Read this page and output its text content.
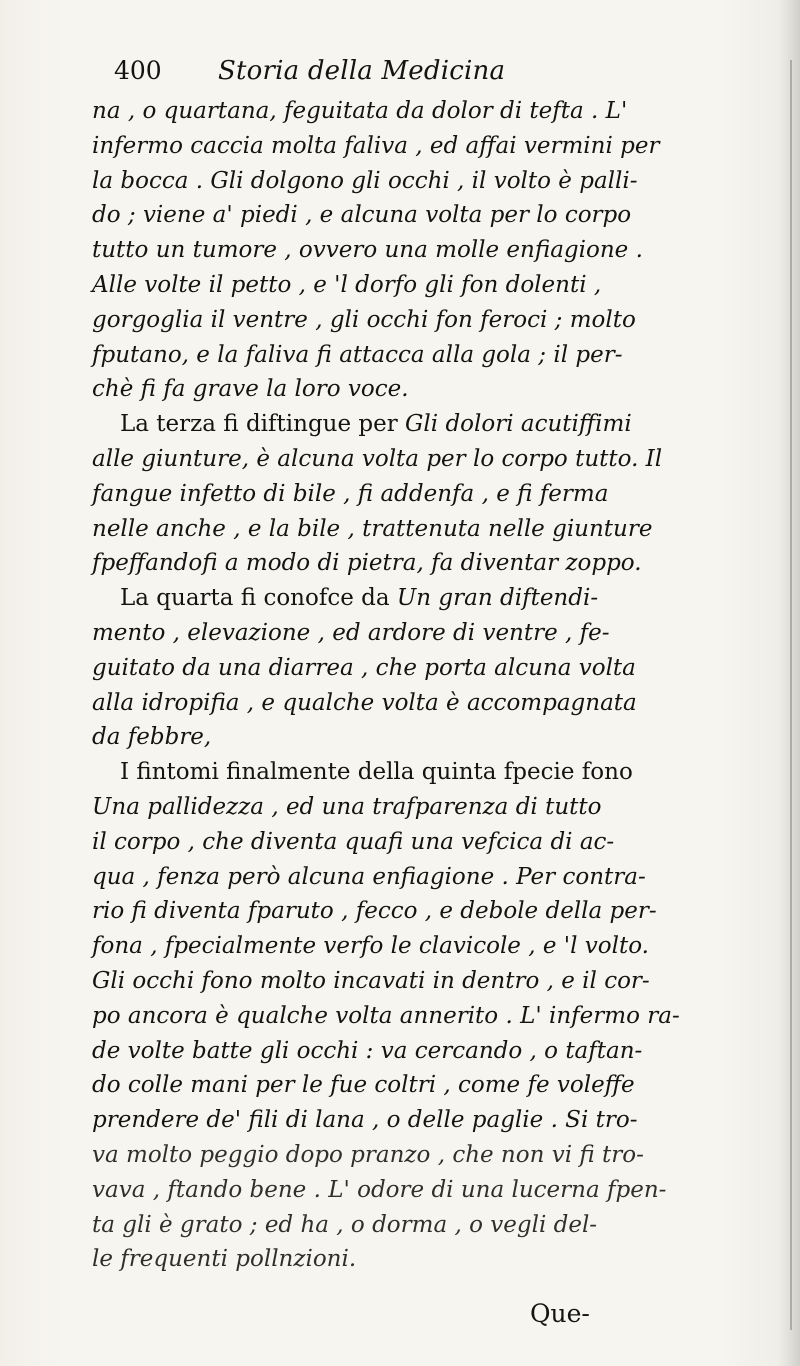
400 Storia della Medicina
na , o quartana, feguitata da dolor di tefta . L'
infermo caccia molta faliva , ed affai vermini per
la bocca . Gli dolgono gli occhi , il volto è palli-
do ; viene a' piedi , e alcuna volta per lo corpo
tutto un tumore , ovvero una molle enfiagione .
Alle volte il petto , e 'l dorfo gli fon dolenti ,
gorgoglia il ventre , gli occhi fon feroci ; molto
fputano, e la faliva fi attacca alla gola ; il per-
chè fi fa grave la loro voce.
La terza fi diftingue per Gli dolori acutiffimi
alle giunture, è alcuna volta per lo corpo tutto. Il
fangue infetto di bile , fi addenfa , e fi ferma
nelle anche , e la bile , trattenuta nelle giunture
fpeffandofi a modo di pietra, fa diventar zoppo.
La quarta fi conofce da Un gran diftendi-
mento , elevazione , ed ardore di ventre , fe-
guitato da una diarrea , che porta alcuna volta
alla idropifia , e qualche volta è accompagnata
da febbre,
I fintomi finalmente della quinta fpecie fono
Una pallidezza , ed una trafparenza di tutto
il corpo , che diventa quafi una vefcica di ac-
qua , fenza però alcuna enfiagione . Per contra-
rio fi diventa fparuto , fecco , e debole della per-
fona , fpecialmente verfo le clavicole , e 'l volto.
Gli occhi fono molto incavati in dentro , e il cor-
po ancora è qualche volta annerito . L' infermo ra-
de volte batte gli occhi : va cercando , o taftan-
do colle mani per le fue coltri , come fe voleffe
prendere de' fili di lana , o delle paglie . Si tro-
va molto peggio dopo pranzo , che non vi fi tro-
vava , ftando bene . L' odore di una lucerna fpen-
ta gli è grato ; ed ha , o dorma , o vegli del-
le frequenti pollnzioni.
Que-
